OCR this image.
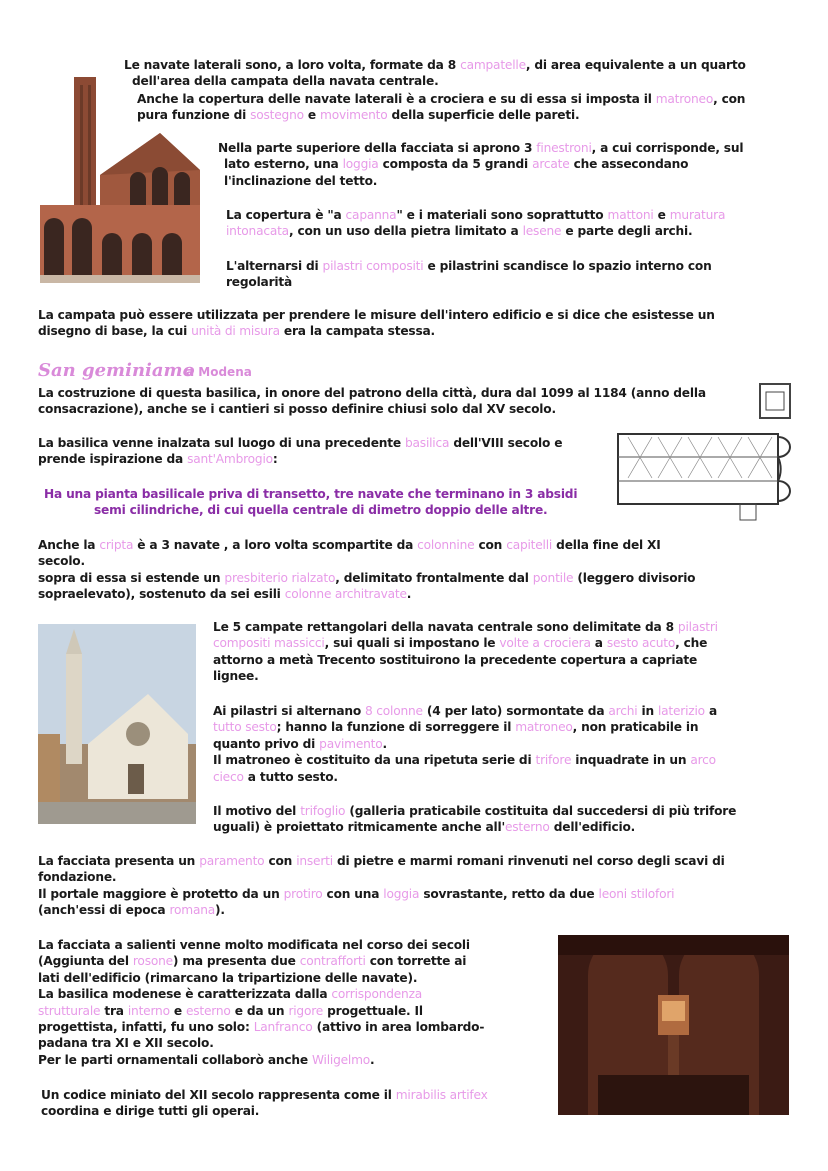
Le navate laterali sono, a loro volta, formate da 8 campatelle, di area equivalente a un quarto
dell'area della campata della navata centrale.
Anche la copertura delle navate laterali è a crociera e su di essa si imposta il matroneo, con
pura funzione di sostegno e movimento della superficie delle pareti.
Nella parte superiore della facciata si aprono 3 finestroni, a cui corrisponde, sul
lato esterno, una loggia composta da 5 grandi arcate che assecondano
l'inclinazione del tetto.
La copertura è "a capanna" e i materiali sono soprattutto mattoni e muratura
intonacata, con un uso della pietra limitato a lesene e parte degli archi.
L'alternarsi di pilastri compositi e pilastrini scandisce lo spazio interno con
regolarità
La campata può essere utilizzata per prendere le misure dell'intero edificio e si dice che esistesse un
disegno di base, la cui unità di misura era la campata stessa.
San geminiamo
a Modena
La costruzione di questa basilica, in onore del patrono della città, dura dal 1099 al 1184 (anno della
consacrazione), anche se i cantieri si posso definire chiusi solo dal XV secolo.
La basilica venne inalzata sul luogo di una precedente basilica dell'VIII secolo e
prende ispirazione da sant'Ambrogio:
Ha una pianta basilicale priva di transetto, tre navate che terminano in 3 absidi
semi cilindriche, di cui quella centrale di dimetro doppio delle altre.
Anche la cripta è a 3 navate , a loro volta scompartite da colonnine con capitelli della fine del XI
secolo.
sopra di essa si estende un presbiterio rialzato, delimitato frontalmente dal pontile (leggero divisorio
sopraelevato), sostenuto da sei esili colonne architravate.
Le 5 campate rettangolari della navata centrale sono delimitate da 8 pilastri
compositi massicci, sui quali si impostano le volte a crociera a sesto acuto, che
attorno a metà Trecento sostituirono la precedente copertura a capriate
lignee.
Ai pilastri si alternano 8 colonne (4 per lato) sormontate da archi in laterizio a
tutto sesto; hanno la funzione di sorreggere il matroneo, non praticabile in
quanto privo di pavimento.
Il matroneo è costituito da una ripetuta serie di trifore inquadrate in un arco
cieco a tutto sesto.
Il motivo del trifoglio (galleria praticabile costituita dal succedersi di più trifore
uguali) è proiettato ritmicamente anche all'esterno dell'edificio.
La facciata presenta un paramento con inserti di pietre e marmi romani rinvenuti nel corso degli scavi di
fondazione.
Il portale maggiore è protetto da un protiro con una loggia sovrastante, retto da due leoni stilofori
(anch'essi di epoca romana).
La facciata a salienti venne molto modificata nel corso dei secoli
(Aggiunta del rosone) ma presenta due contrafforti con torrette ai
lati dell'edificio (rimarcano la tripartizione delle navate).
La basilica modenese è caratterizzata dalla corrispondenza
strutturale tra interno e esterno e da un rigore progettuale. Il
progettista, infatti, fu uno solo: Lanfranco (attivo in area lombardo-
padana tra XI e XII secolo.
Per le parti ornamentali collaborò anche Wiligelmo.
Un codice miniato del XII secolo rappresenta come il mirabilis artifex
coordina e dirige tutti gli operai.
